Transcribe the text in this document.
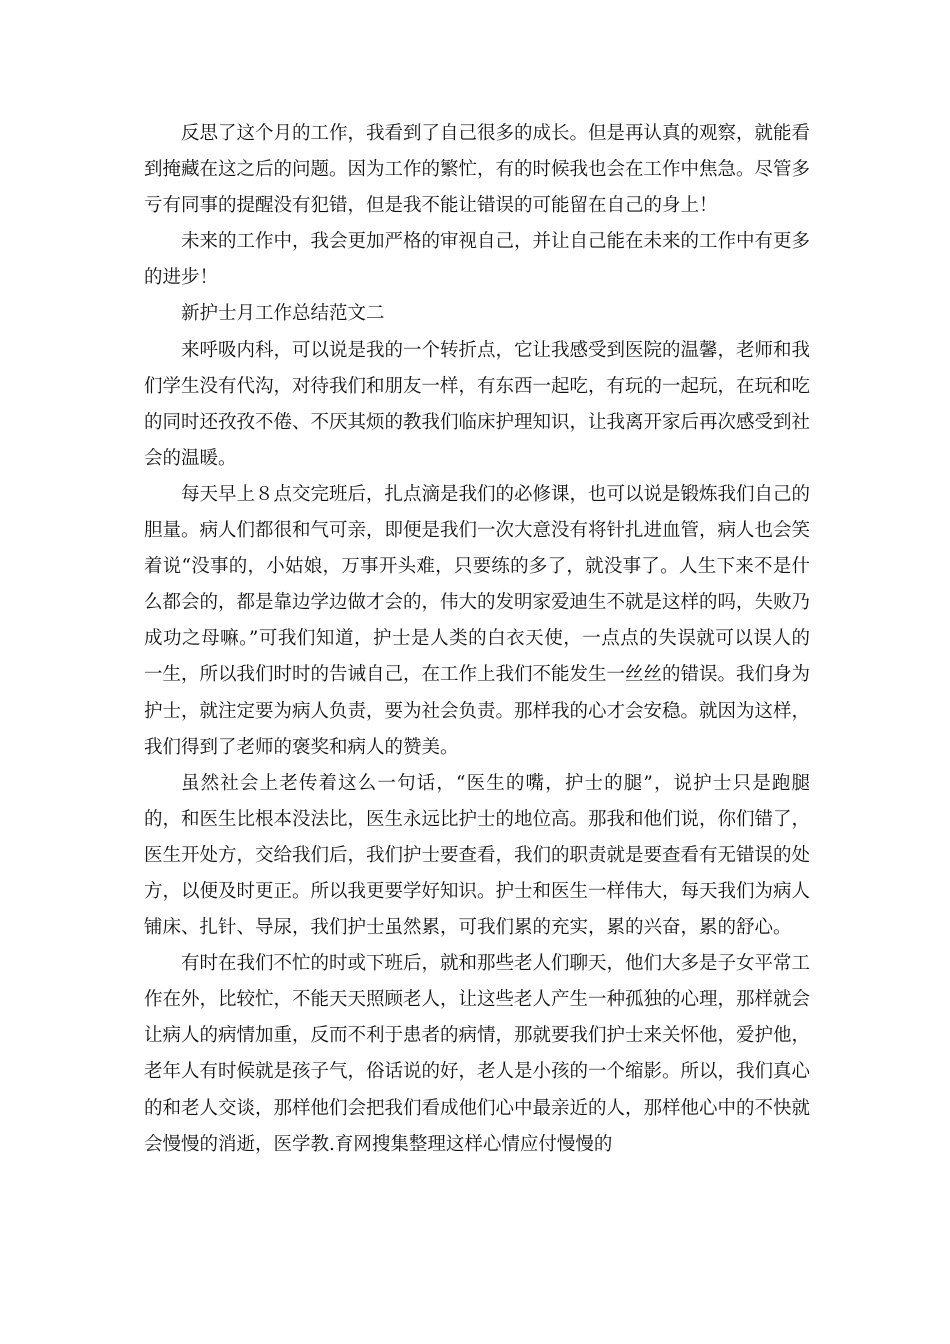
反思了这个月的工作，我看到了自己很多的成长。但是再认真的观察，就能看到掩藏在这之后的问题。因为工作的繁忙，有的时候我也会在工作中焦急。尽管多亏有同事的提醒没有犯错，但是我不能让错误的可能留在自己的身上！

未来的工作中，我会更加严格的审视自己，并让自己能在未来的工作中有更多的进步！

新护士月工作总结范文二

来呼吸内科，可以说是我的一个转折点，它让我感受到医院的温馨，老师和我们学生没有代沟，对待我们和朋友一样，有东西一起吃，有玩的一起玩，在玩和吃的同时还孜孜不倦、不厌其烦的教我们临床护理知识，让我离开家后再次感受到社会的温暖。

每天早上８点交完班后，扎点滴是我们的必修课，也可以说是锻炼我们自己的胆量。病人们都很和气可亲，即便是我们一次大意没有将针扎进血管，病人也会笑着说“没事的，小姑娘，万事开头难，只要练的多了，就没事了。人生下来不是什么都会的，都是靠边学边做才会的，伟大的发明家爱迪生不就是这样的吗，失败乃成功之母嘛。”可我们知道，护士是人类的白衣天使，一点点的失误就可以误人的一生，所以我们时时的告诫自己，在工作上我们不能发生一丝丝的错误。我们身为护士，就注定要为病人负责，要为社会负责。那样我的心才会安稳。就因为这样，我们得到了老师的褒奖和病人的赞美。

虽然社会上老传着这么一句话，“医生的嘴，护士的腿”，说护士只是跑腿的，和医生比根本没法比，医生永远比护士的地位高。那我和他们说，你们错了，医生开处方，交给我们后，我们护士要查看，我们的职责就是要查看有无错误的处方，以便及时更正。所以我更要学好知识。护士和医生一样伟大，每天我们为病人铺床、扎针、导尿，我们护士虽然累，可我们累的充实，累的兴奋，累的舒心。

有时在我们不忙的时或下班后，就和那些老人们聊天，他们大多是子女平常工作在外，比较忙，不能天天照顾老人，让这些老人产生一种孤独的心理，那样就会让病人的病情加重，反而不利于患者的病情，那就要我们护士来关怀他，爱护他，老年人有时候就是孩子气，俗话说的好，老人是小孩的一个缩影。所以，我们真心的和老人交谈，那样他们会把我们看成他们心中最亲近的人，那样他心中的不快就会慢慢的消逝，医学教.育网搜集整理这样心情应付慢慢的
